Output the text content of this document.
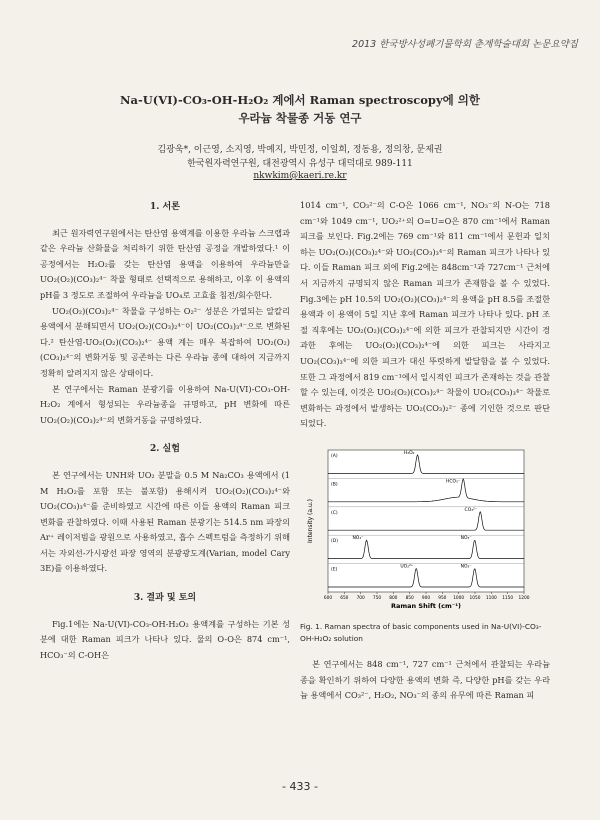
2013 한국방사성폐기물학회 춘계학술대회 논문요약집
Na-U(VI)-CO₃-OH-H₂O₂ 계에서 Raman spectroscopy에 의한
우라늄 착물종 거동 연구
김광욱*, 이근영, 소지영, 박예지, 박민정, 이일희, 정동용, 정의창, 문제권
한국원자력연구원, 대전광역시 유성구 대덕대로 989-111
nkwkim@kaeri.re.kr
1. 서론

최근 원자력연구원에서는 탄산염 용액계를 이용한 우라늄 스크랩과 같은 우라늄 산화물을 처리하기 위한 탄산염 공정을 개발하였다.¹ 이 공정에서는 H₂O₂를 갖는 탄산염 용액을 이용하여 우라늄만을 UO₂(O₂)(CO₃)₂⁴⁻ 착물 형태로 선택적으로 용해하고, 이후 이 용액의 pH를 3 정도로 조절하여 우라늄을 UO₄로 고효율 침전/회수한다.

UO₂(O₂)(CO₃)₂⁴⁻ 착물을 구성하는 O₂²⁻ 성분은 가열되는 알칼리 용액에서 분해되면서 UO₂(O₂)(CO₃)₂⁴⁻이 UO₂(CO₃)₃⁴⁻으로 변화된다.² 탄산염-UO₂(O₂)(CO₃)₂⁴⁻ 용액 계는 매우 복잡하여 UO₂(O₂)(CO₃)₂⁴⁻의 변화거동 및 공존하는 다른 우라늄 종에 대하여 지금까지 정확히 알려지지 않은 상태이다.

본 연구에서는 Raman 분광기를 이용하여 Na-U(VI)-CO₃-OH-H₂O₂ 계에서 형성되는 우라늄종을 규명하고, pH 변화에 따른 UO₂(O₂)(CO₃)₂⁴⁻의 변화거동을 규명하였다.

2. 실험

본 연구에서는 UNH와 UO₂ 분말을 0.5 M Na₂CO₃ 용액에서 (1 M H₂O₂를 포함 또는 불포함) 용해시켜 UO₂(O₂)(CO₃)₂⁴⁻와 UO₂(CO₃)₃⁴⁻를 준비하였고 시간에 따른 이들 용액의 Raman 피크 변화를 관찰하였다. 이때 사용된 Raman 분광기는 514.5 nm 파장의 Ar⁺ 레이저빔을 광원으로 사용하였고, 흡수 스펙트럼을 측정하기 위해서는 자외선-가시광선 파장 영역의 분광광도계(Varian, model Cary 3E)를 이용하였다.

3. 결과 및 토의

Fig.1에는 Na-U(VI)-CO₃-OH-H₂O₂ 용액계를 구성하는 기본 성분에 대한 Raman 피크가 나타나 있다. 물의 O-O은 874 cm⁻¹, HCO₃⁻의 C-OH은

1014 cm⁻¹, CO₃²⁻의 C-O은 1066 cm⁻¹, NO₃⁻의 N-O는 718 cm⁻¹와 1049 cm⁻¹, UO₂²⁺의 O=U=O은 870 cm⁻¹에서 Raman 피크를 보인다. Fig.2에는 769 cm⁻¹와 811 cm⁻¹에서 문헌과 일치하는 UO₂(O₂)(CO₃)₂⁴⁻와 UO₂(CO₃)₃⁴⁻의 Raman 피크가 나타나 있다. 이들 Raman 피크 외에 Fig.2에는 848cm⁻¹과 727cm⁻¹ 근처에서 지금까지 규명되지 않은 Raman 피크가 존재함을 볼 수 있었다. Fig.3에는 pH 10.5의 UO₂(O₂)(CO₃)₂⁴⁻의 용액을 pH 8.5를 조절한 용액과 이 용액이 5일 지난 후에 Raman 피크가 나타나 있다. pH 조절 직후에는 UO₂(O₂)(CO₃)₂⁴⁻에 의한 피크가 관찰되지만 시간이 경과한 후에는 UO₂(O₂)(CO₃)₂⁴⁻에 의한 피크는 사라지고 UO₂(CO₃)₃⁴⁻에 의한 피크가 대신 뚜렷하게 발달함을 볼 수 있었다. 또한 그 과정에서 819 cm⁻¹에서 일시적인 피크가 존재하는 것을 관찰할 수 있는데, 이것은 UO₂(O₂)(CO₃)₂⁴⁻ 착물이 UO₂(CO₃)₃⁴⁻ 착물로 변화하는 과정에서 발생하는 UO₂(CO₃)₂²⁻ 종에 기인한 것으로 판단되었다.

(A)
H₂O₂
(B)
HCO₃⁻
(C)
CO₃²⁻
(D)
NO₃⁻	NO₃⁻
(E)
UO₂²⁺	NO₃⁻
Intensity (a.u.)
Raman Shift (cm⁻¹)
600 650 700 750 800 850 900 950 1000 1050 1100 1150 1200
Fig. 1. Raman spectra of basic components used in Na-U(VI)-CO₃-OH-H₂O₂ solution

본 연구에서는 848 cm⁻¹, 727 cm⁻¹ 근처에서 관찰되는 우라늄 종을 확인하기 위하여 다양한 용액의 변화 즉, 다양한 pH를 갖는 우라늄 용액에서 CO₃²⁻, H₂O₂, NO₃⁻의 종의 유무에 따른 Raman 피

- 433 -
